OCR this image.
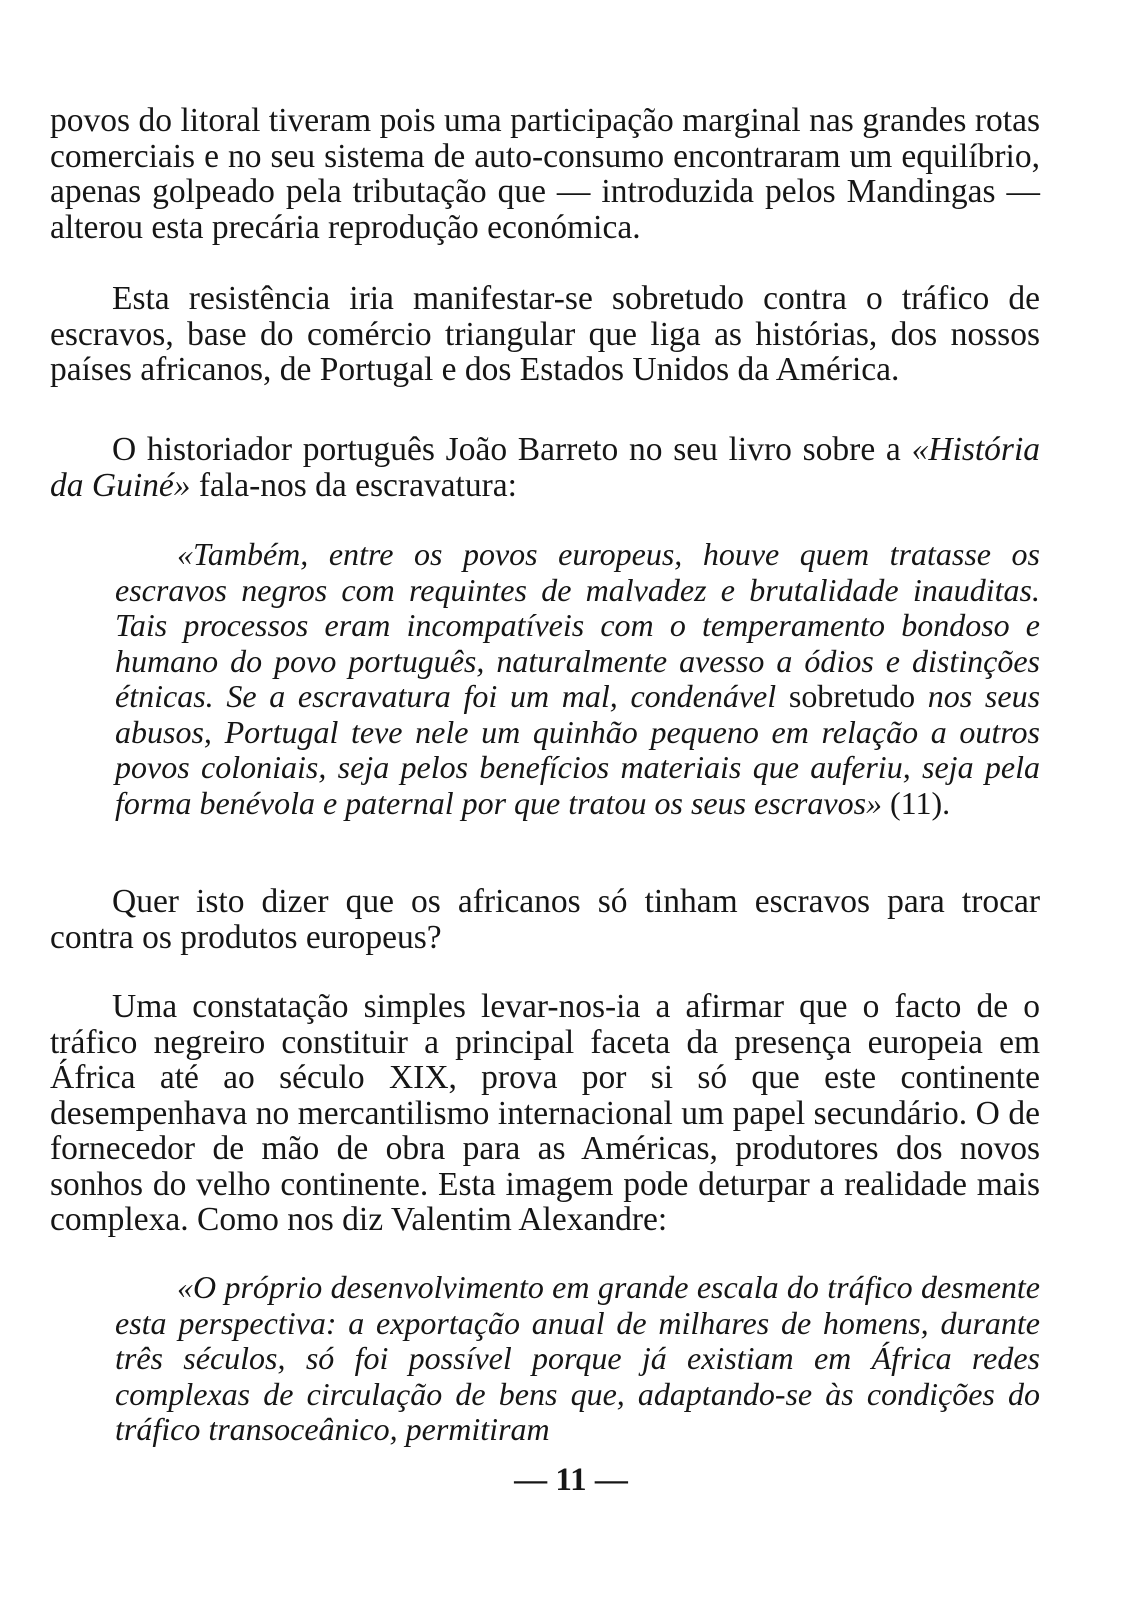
povos do litoral tiveram pois uma participação marginal nas grandes rotas comerciais e no seu sistema de auto-consumo encontraram um equilíbrio, apenas golpeado pela tributação que — introduzida pelos Mandingas — alterou esta precária reprodução económica.

Esta resistência iria manifestar-se sobretudo contra o tráfico de escravos, base do comércio triangular que liga as histórias, dos nossos países africanos, de Portugal e dos Estados Unidos da América.

O historiador português João Barreto no seu livro sobre a «História da Guiné» fala-nos da escravatura:

«Também, entre os povos europeus, houve quem tratasse os escravos negros com requintes de malvadez e brutalidade inauditas. Tais processos eram incompatíveis com o temperamento bondoso e humano do povo português, naturalmente avesso a ódios e distinções étnicas. Se a escravatura foi um mal, condenável sobretudo nos seus abusos, Portugal teve nele um quinhão pequeno em relação a outros povos coloniais, seja pelos benefícios materiais que auferiu, seja pela forma benévola e paternal por que tratou os seus escravos» (11).

Quer isto dizer que os africanos só tinham escravos para trocar contra os produtos europeus?

Uma constatação simples levar-nos-ia a afirmar que o facto de o tráfico negreiro constituir a principal faceta da presença europeia em África até ao século XIX, prova por si só que este continente desempenhava no mercantilismo internacional um papel secundário. O de fornecedor de mão de obra para as Américas, produtores dos novos sonhos do velho continente. Esta imagem pode deturpar a realidade mais complexa. Como nos diz Valentim Alexandre:

«O próprio desenvolvimento em grande escala do tráfico desmente esta perspectiva: a exportação anual de milhares de homens, durante três séculos, só foi possível porque já existiam em África redes complexas de circulação de bens que, adaptando-se às condições do tráfico transoceânico, permitiram

— 11 —
